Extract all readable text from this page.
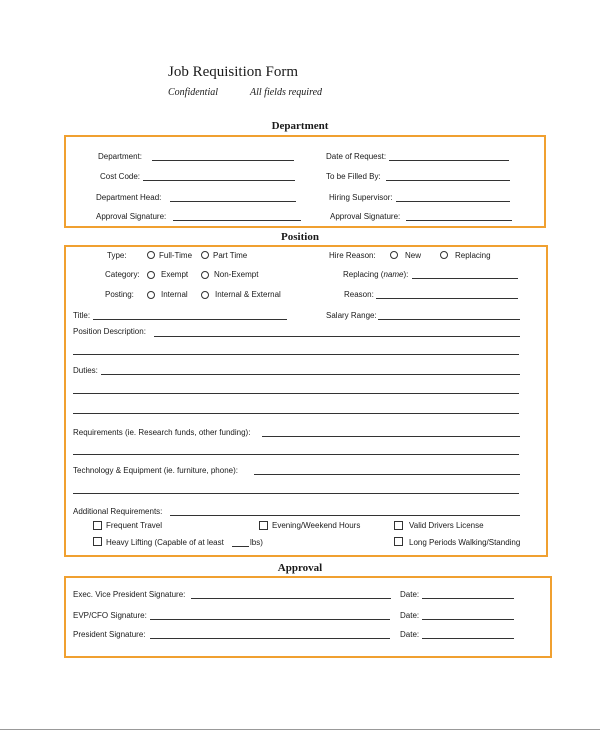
Job Requisition Form
Confidential	All fields required
Department
Department:	Date of Request:
Cost Code:	To be Filled By:
Department Head:	Hiring Supervisor:
Approval Signature:	Approval Signature:
Position
Type:	Full-Time	Part Time	Hire Reason:	New	Replacing
Category:	Exempt	Non-Exempt	Replacing (name):
Posting:	Internal	Internal & External	Reason:
Title:	Salary Range:
Position Description:
Duties:
Requirements (ie. Research funds, other funding):
Technology & Equipment (ie. furniture, phone):
Additional Requirements:
Frequent Travel	Evening/Weekend Hours	Valid Drivers License
Heavy Lifting (Capable of at least	lbs)	Long Periods Walking/Standing
Approval
Exec. Vice President Signature:	Date:
EVP/CFO Signature:	Date:
President Signature:	Date:
